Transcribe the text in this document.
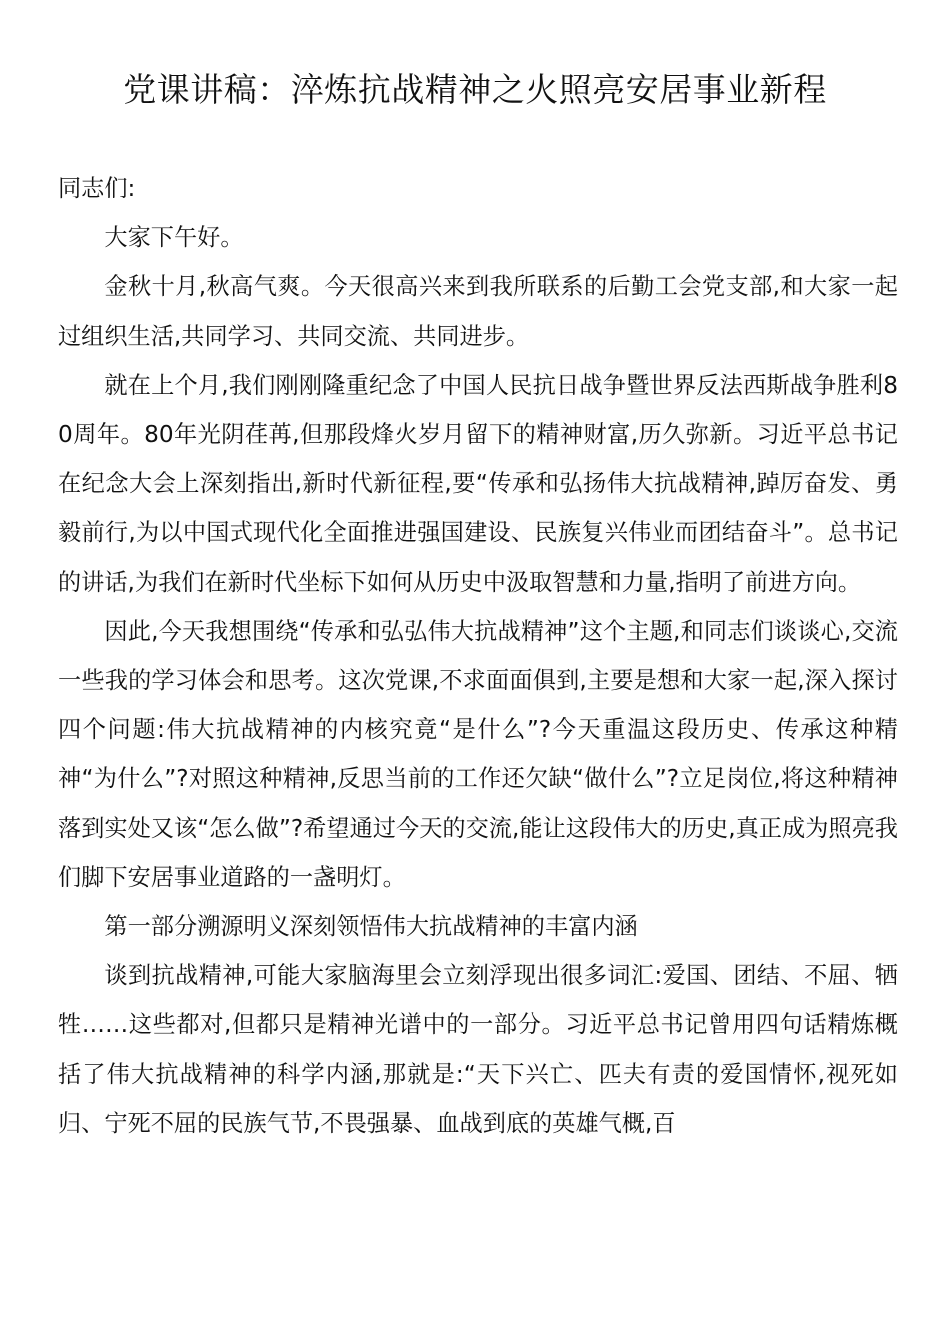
党课讲稿：淬炼抗战精神之火照亮安居事业新程

同志们:

大家下午好。

金秋十月,秋高气爽。今天很高兴来到我所联系的后勤工会党支部,和大家一起过组织生活,共同学习、共同交流、共同进步。

就在上个月,我们刚刚隆重纪念了中国人民抗日战争暨世界反法西斯战争胜利80周年。80年光阴荏苒,但那段烽火岁月留下的精神财富,历久弥新。习近平总书记在纪念大会上深刻指出,新时代新征程,要“传承和弘扬伟大抗战精神,踔厉奋发、勇毅前行,为以中国式现代化全面推进强国建设、民族复兴伟业而团结奋斗”。总书记的讲话,为我们在新时代坐标下如何从历史中汲取智慧和力量,指明了前进方向。

因此,今天我想围绕“传承和弘弘伟大抗战精神”这个主题,和同志们谈谈心,交流一些我的学习体会和思考。这次党课,不求面面俱到,主要是想和大家一起,深入探讨四个问题:伟大抗战精神的内核究竟“是什么”?今天重温这段历史、传承这种精神“为什么”?对照这种精神,反思当前的工作还欠缺“做什么”?立足岗位,将这种精神落到实处又该“怎么做”?希望通过今天的交流,能让这段伟大的历史,真正成为照亮我们脚下安居事业道路的一盏明灯。

第一部分溯源明义深刻领悟伟大抗战精神的丰富内涵

谈到抗战精神,可能大家脑海里会立刻浮现出很多词汇:爱国、团结、不屈、牺牲……这些都对,但都只是精神光谱中的一部分。习近平总书记曾用四句话精炼概括了伟大抗战精神的科学内涵,那就是:“天下兴亡、匹夫有责的爱国情怀,视死如归、宁死不屈的民族气节,不畏强暴、血战到底的英雄气概,百
